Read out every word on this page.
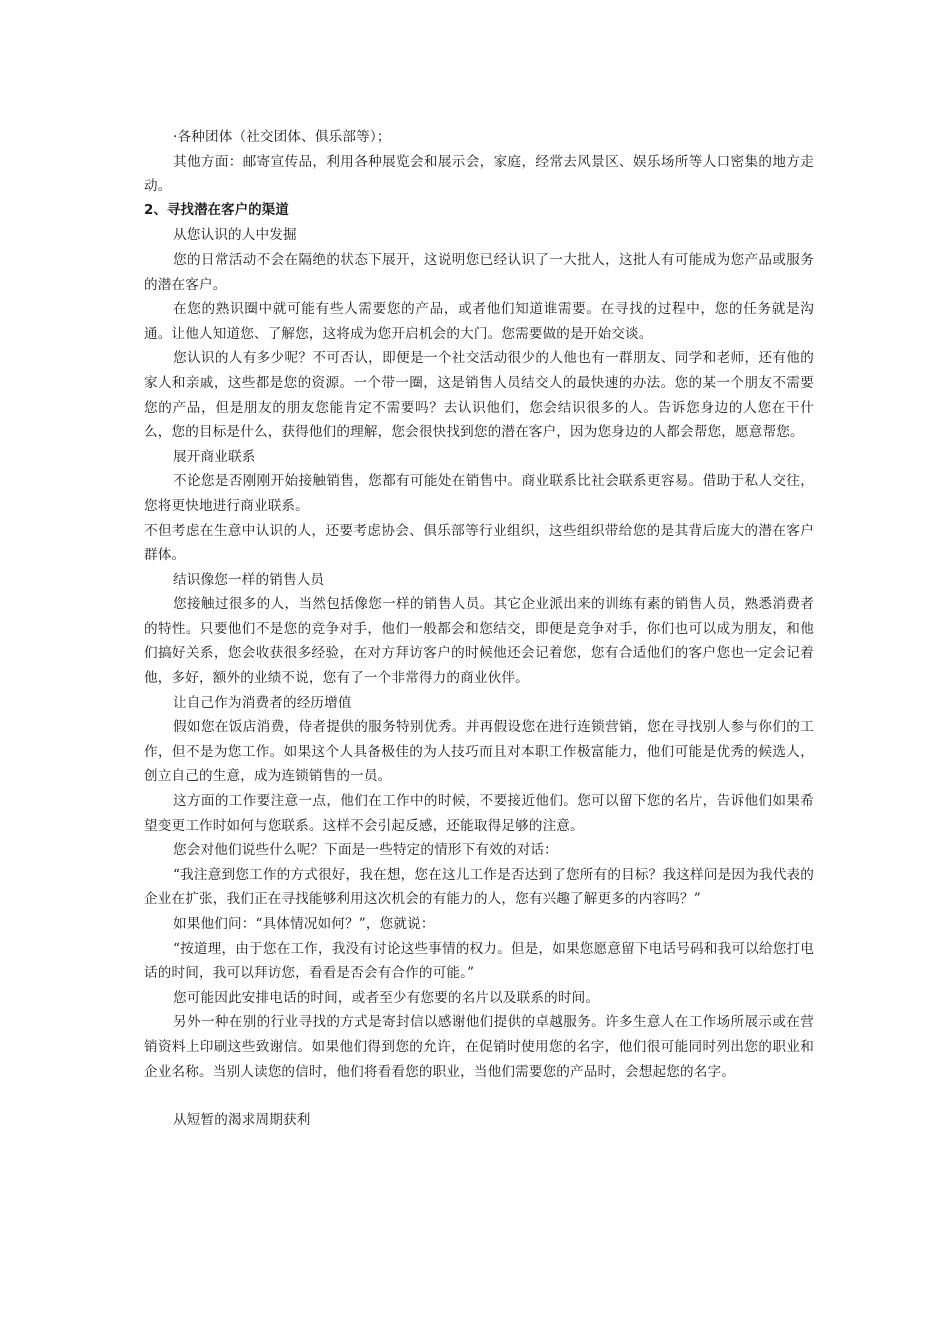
·各种团体（社交团体、俱乐部等）；

其他方面：邮寄宣传品，利用各种展览会和展示会，家庭，经常去风景区、娱乐场所等人口密集的地方走动。

2、寻找潜在客户的渠道

从您认识的人中发掘

您的日常活动不会在隔绝的状态下展开，这说明您已经认识了一大批人，这批人有可能成为您产品或服务的潜在客户。

在您的熟识圈中就可能有些人需要您的产品，或者他们知道谁需要。在寻找的过程中，您的任务就是沟通。让他人知道您、了解您，这将成为您开启机会的大门。您需要做的是开始交谈。

您认识的人有多少呢？不可否认，即便是一个社交活动很少的人他也有一群朋友、同学和老师，还有他的家人和亲戚，这些都是您的资源。一个带一圈，这是销售人员结交人的最快速的办法。您的某一个朋友不需要您的产品，但是朋友的朋友您能肯定不需要吗？去认识他们，您会结识很多的人。告诉您身边的人您在干什么，您的目标是什么，获得他们的理解，您会很快找到您的潜在客户，因为您身边的人都会帮您，愿意帮您。

展开商业联系

不论您是否刚刚开始接触销售，您都有可能处在销售中。商业联系比社会联系更容易。借助于私人交往，您将更快地进行商业联系。

不但考虑在生意中认识的人，还要考虑协会、俱乐部等行业组织，这些组织带给您的是其背后庞大的潜在客户群体。

结识像您一样的销售人员

您接触过很多的人，当然包括像您一样的销售人员。其它企业派出来的训练有素的销售人员，熟悉消费者的特性。只要他们不是您的竞争对手，他们一般都会和您结交，即便是竞争对手，你们也可以成为朋友，和他们搞好关系，您会收获很多经验，在对方拜访客户的时候他还会记着您，您有合适他们的客户您也一定会记着他，多好，额外的业绩不说，您有了一个非常得力的商业伙伴。

让自己作为消费者的经历增值

假如您在饭店消费，侍者提供的服务特别优秀。并再假设您在进行连锁营销，您在寻找别人参与你们的工作，但不是为您工作。如果这个人具备极佳的为人技巧而且对本职工作极富能力，他们可能是优秀的候选人，创立自己的生意，成为连锁销售的一员。

这方面的工作要注意一点，他们在工作中的时候，不要接近他们。您可以留下您的名片，告诉他们如果希望变更工作时如何与您联系。这样不会引起反感，还能取得足够的注意。

您会对他们说些什么呢？下面是一些特定的情形下有效的对话：

“我注意到您工作的方式很好，我在想，您在这儿工作是否达到了您所有的目标？我这样问是因为我代表的企业在扩张，我们正在寻找能够利用这次机会的有能力的人，您有兴趣了解更多的内容吗？”

如果他们问：“具体情况如何？”，您就说：

“按道理，由于您在工作，我没有讨论这些事情的权力。但是，如果您愿意留下电话号码和我可以给您打电话的时间，我可以拜访您，看看是否会有合作的可能。”

您可能因此安排电话的时间，或者至少有您要的名片以及联系的时间。

另外一种在别的行业寻找的方式是寄封信以感谢他们提供的卓越服务。许多生意人在工作场所展示或在营销资料上印刷这些致谢信。如果他们得到您的允许，在促销时使用您的名字，他们很可能同时列出您的职业和企业名称。当别人读您的信时，他们将看看您的职业，当他们需要您的产品时，会想起您的名字。

从短暂的渴求周期获利
